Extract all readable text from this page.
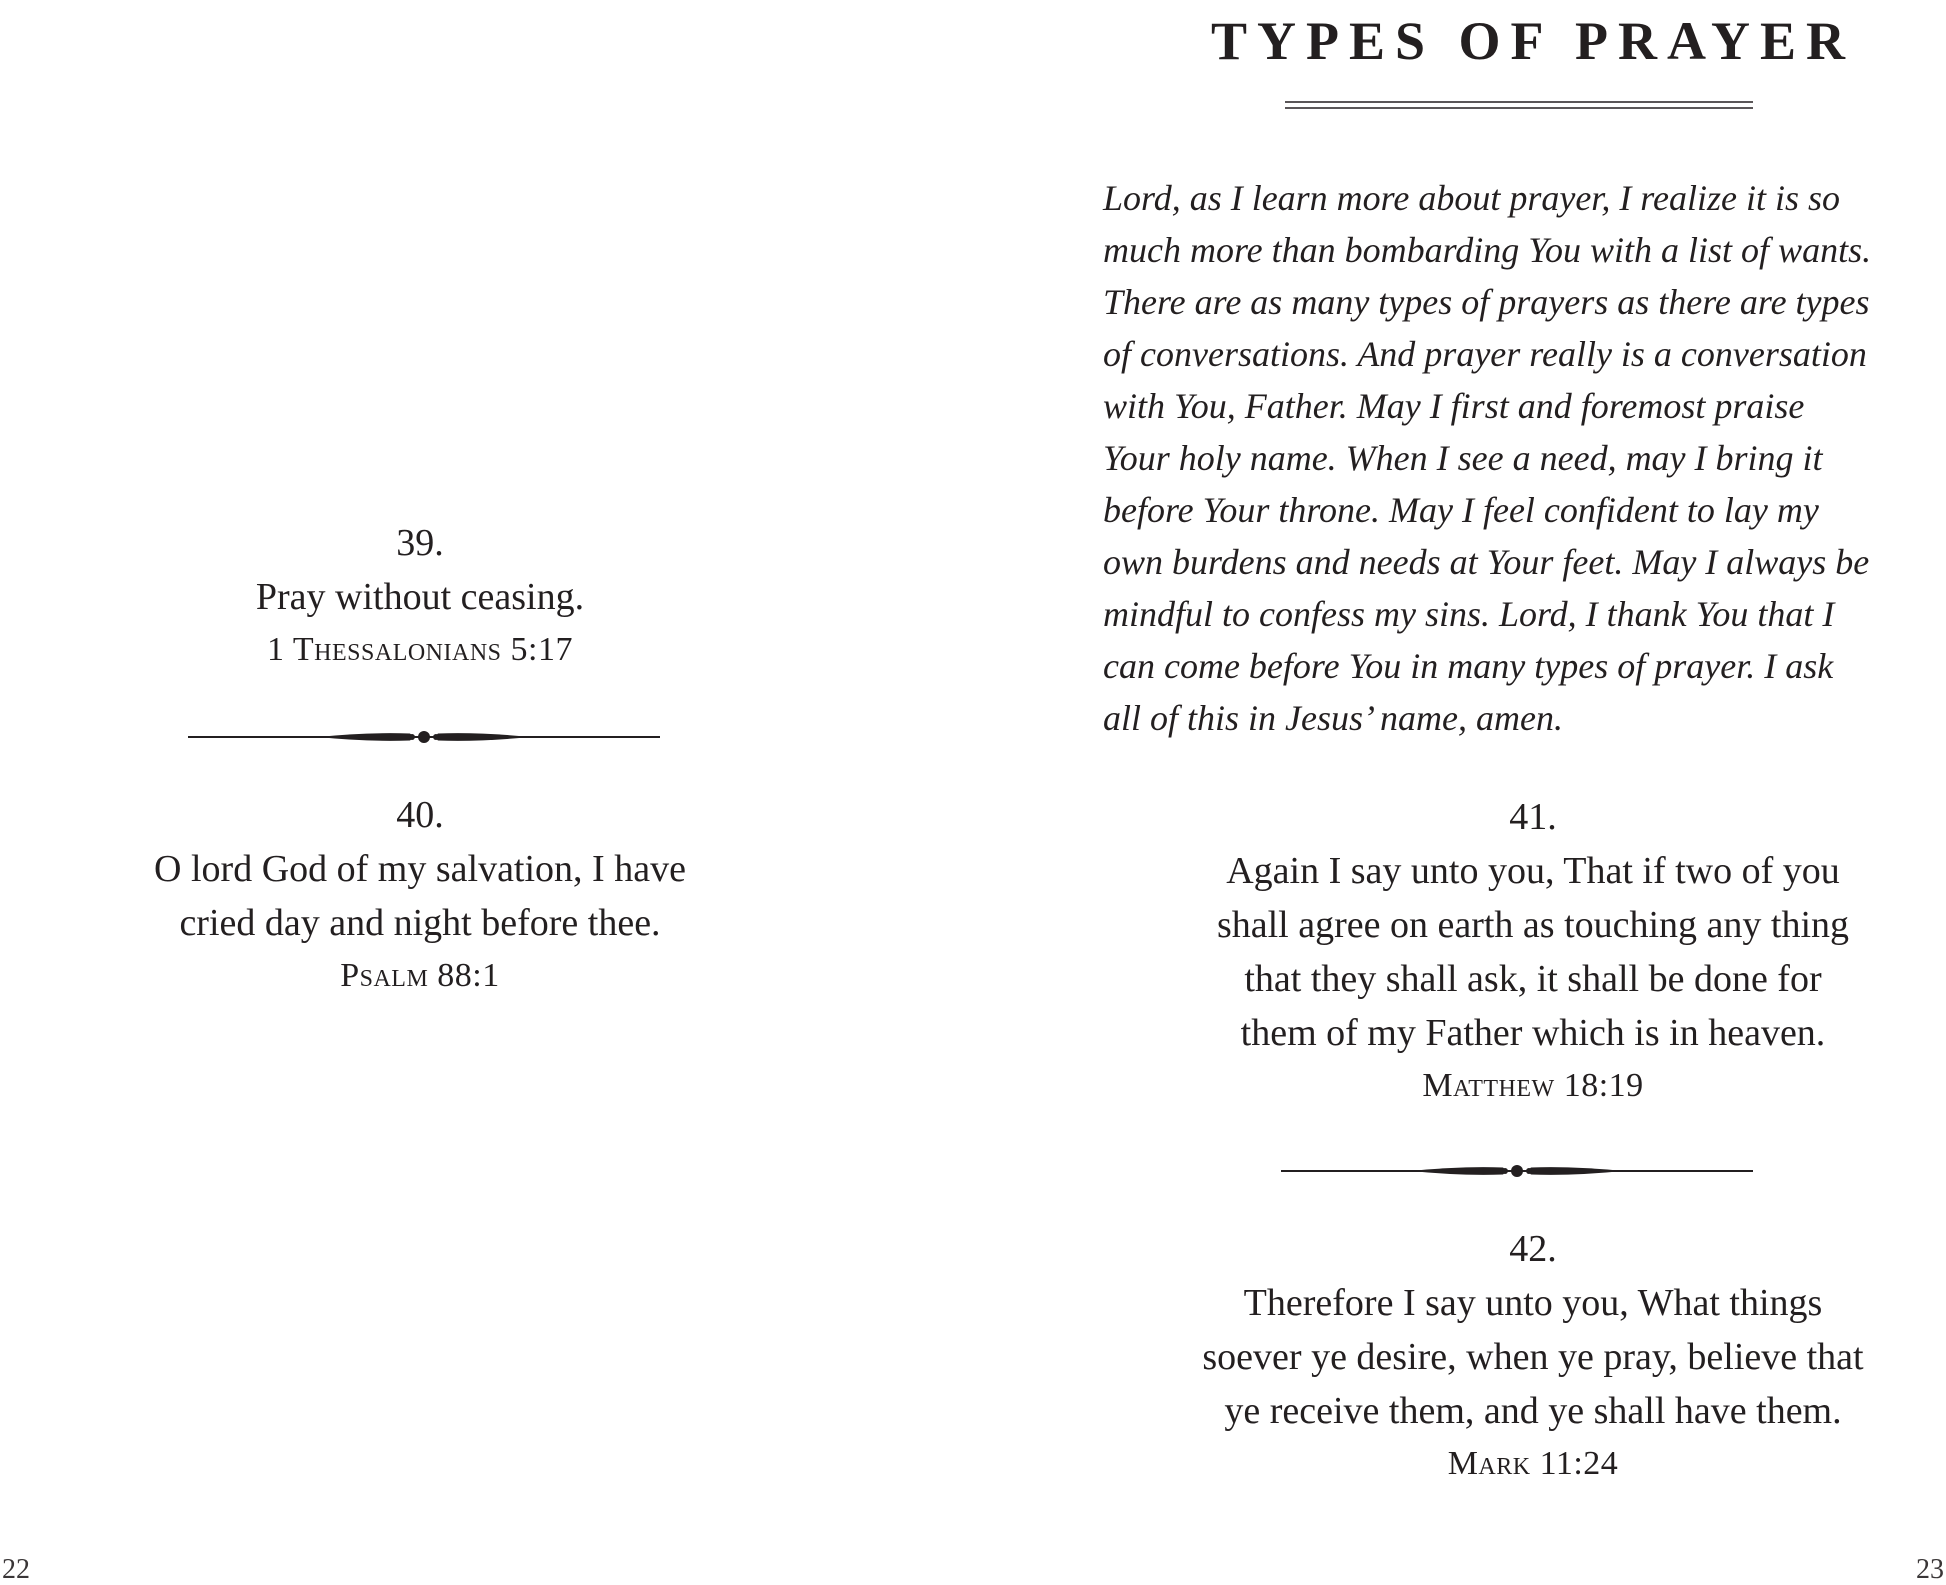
39.
Pray without ceasing.
1 Thessalonians 5:17
40.
O lord God of my salvation, I have
cried day and night before thee.
Psalm 88:1
22
TYPES OF PRAYER
Lord, as I learn more about prayer, I realize it is so
much more than bombarding You with a list of wants.
There are as many types of prayers as there are types
of conversations. And prayer really is a conversation
with You, Father. May I first and foremost praise
Your holy name. When I see a need, may I bring it
before Your throne. May I feel confident to lay my
own burdens and needs at Your feet. May I always be
mindful to confess my sins. Lord, I thank You that I
can come before You in many types of prayer. I ask
all of this in Jesus’ name, amen.
41.
Again I say unto you, That if two of you
shall agree on earth as touching any thing
that they shall ask, it shall be done for
them of my Father which is in heaven.
Matthew 18:19
42.
Therefore I say unto you, What things
soever ye desire, when ye pray, believe that
ye receive them, and ye shall have them.
Mark 11:24
23
